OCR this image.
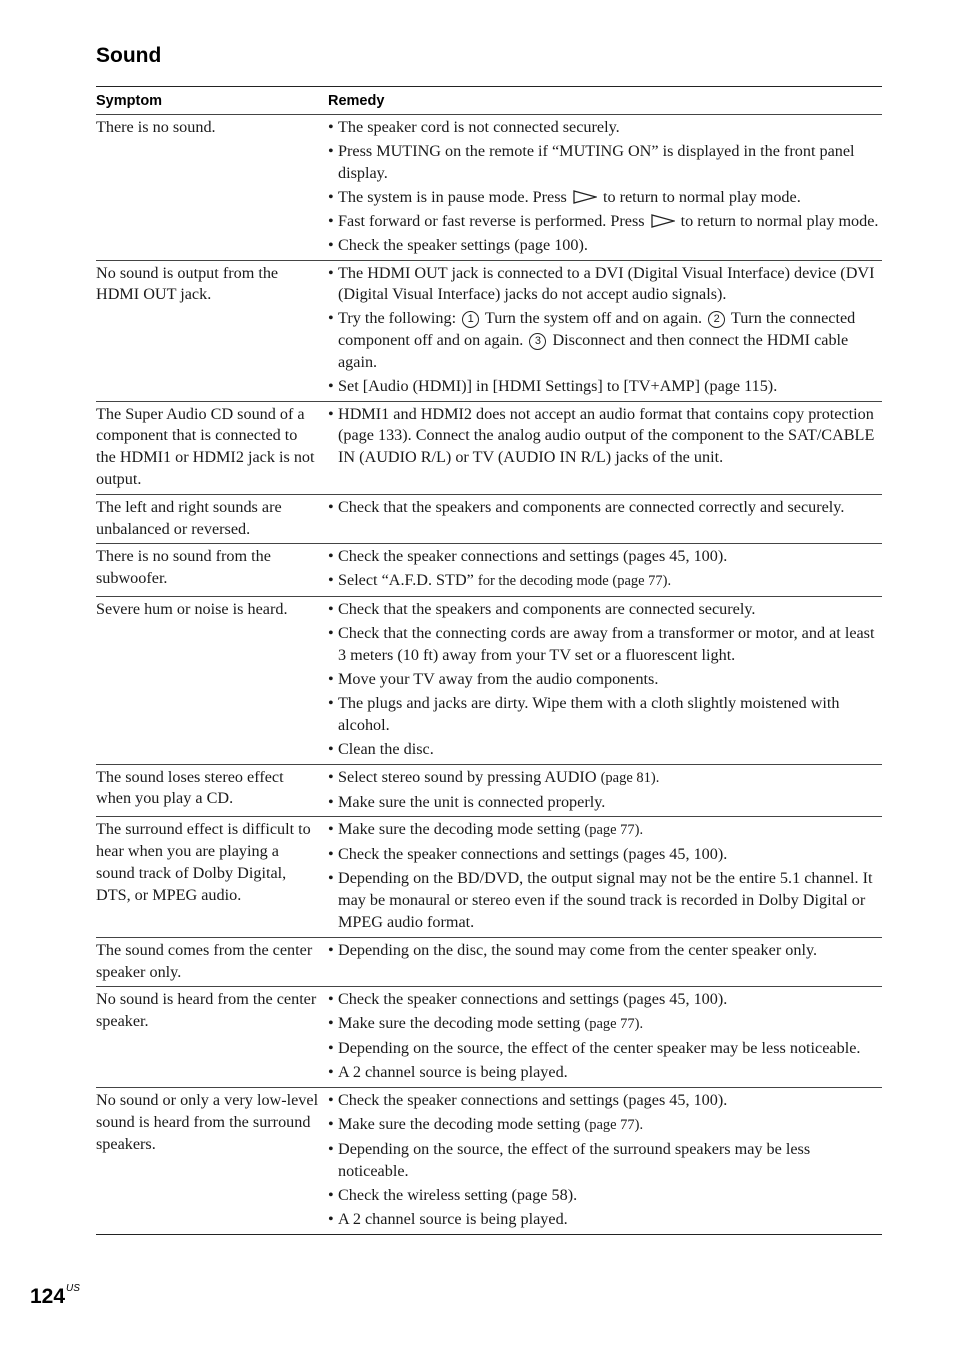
Sound
Symptom	Remedy
There is no sound.	• The speaker cord is not connected securely.
• Press MUTING on the remote if “MUTING ON” is displayed in the front panel display.
• The system is in pause mode. Press  to return to normal play mode.
• Fast forward or fast reverse is performed. Press  to return to normal play mode.
• Check the speaker settings (page 100).
No sound is output from the HDMI OUT jack.
• The HDMI OUT jack is connected to a DVI (Digital Visual Interface) device (DVI (Digital Visual Interface) jacks do not accept audio signals).
• Try the following: 1 Turn the system off and on again. 2 Turn the connected component off and on again. 3 Disconnect and then connect the HDMI cable again.
• Set [Audio (HDMI)] in [HDMI Settings] to [TV+AMP] (page 115).
The Super Audio CD sound of a component that is connected to the HDMI1 or HDMI2 jack is not output.
• HDMI1 and HDMI2 does not accept an audio format that contains copy protection (page 133). Connect the analog audio output of the component to the SAT/CABLE IN (AUDIO R/L) or TV (AUDIO IN R/L) jacks of the unit.
The left and right sounds are unbalanced or reversed.
• Check that the speakers and components are connected correctly and securely.
There is no sound from the subwoofer.
• Check the speaker connections and settings (pages 45, 100).
• Select “A.F.D. STD” for the decoding mode (page 77).
Severe hum or noise is heard.	• Check that the speakers and components are connected securely.
• Check that the connecting cords are away from a transformer or motor, and at least 3 meters (10 ft) away from your TV set or a fluorescent light.
• Move your TV away from the audio components.
• The plugs and jacks are dirty. Wipe them with a cloth slightly moistened with alcohol.
• Clean the disc.
The sound loses stereo effect when you play a CD.
• Select stereo sound by pressing AUDIO (page 81).
• Make sure the unit is connected properly.
The surround effect is difficult to hear when you are playing a sound track of Dolby Digital, DTS, or MPEG audio.
• Make sure the decoding mode setting (page 77).
• Check the speaker connections and settings (pages 45, 100).
• Depending on the BD/DVD, the output signal may not be the entire 5.1 channel. It may be monaural or stereo even if the sound track is recorded in Dolby Digital or MPEG audio format.
The sound comes from the center speaker only.
• Depending on the disc, the sound may come from the center speaker only.
No sound is heard from the center speaker.
• Check the speaker connections and settings (pages 45, 100).
• Make sure the decoding mode setting (page 77).
• Depending on the source, the effect of the center speaker may be less noticeable.
• A 2 channel source is being played.
No sound or only a very low-level sound is heard from the surround speakers.
• Check the speaker connections and settings (pages 45, 100).
• Make sure the decoding mode setting (page 77).
• Depending on the source, the effect of the surround speakers may be less noticeable.
• Check the wireless setting (page 58).
• A 2 channel source is being played.
$124^{US}$
